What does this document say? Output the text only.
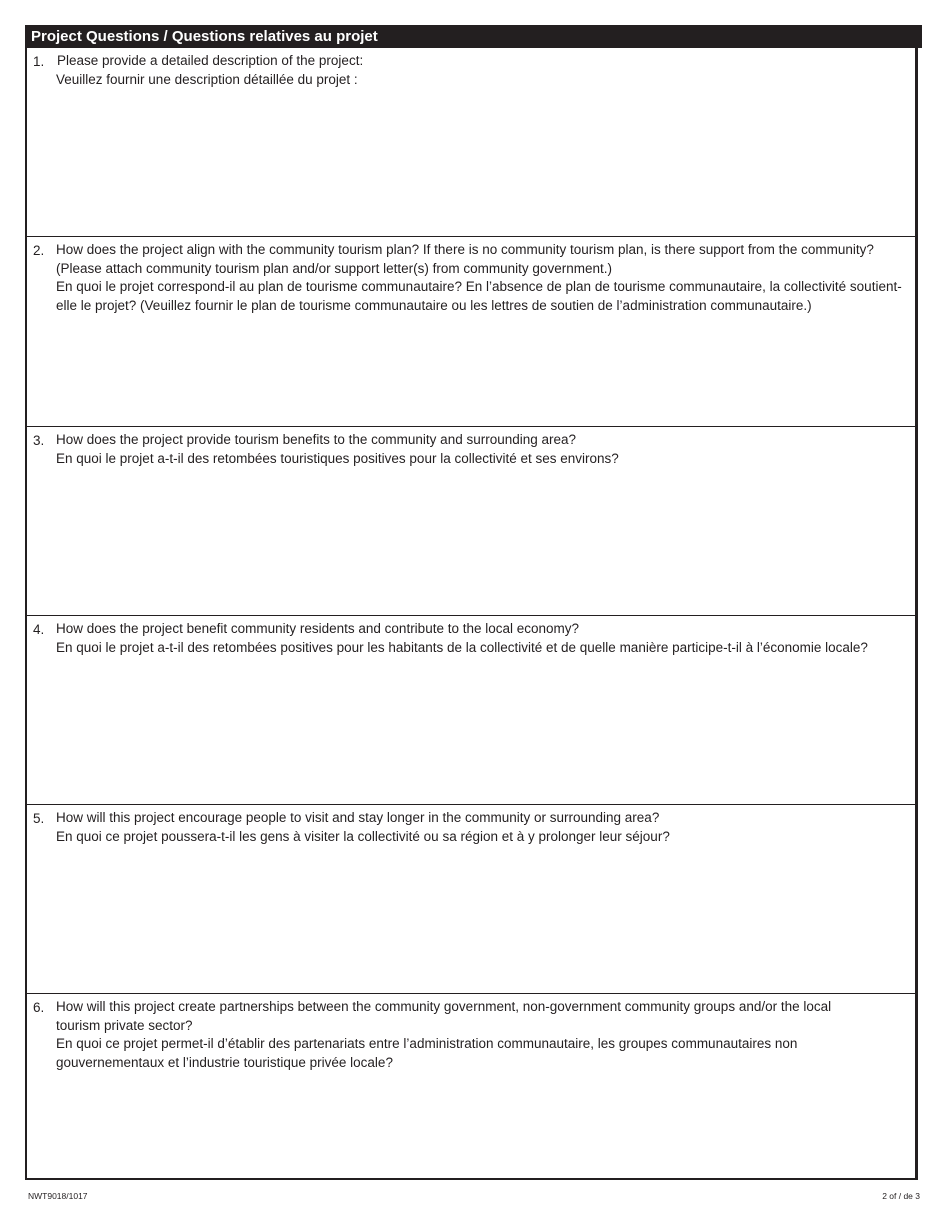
Project Questions / Questions relatives au projet
1. Please provide a detailed description of the project:

Veuillez fournir une description détaillée du projet :

2. How does the project align with the community tourism plan? If there is no community tourism plan, is there support from the community? (Please attach community tourism plan and/or support letter(s) from community government.)

En quoi le projet correspond-il au plan de tourisme communautaire? En l’absence de plan de tourisme communautaire, la collectivité soutient-elle le projet? (Veuillez fournir le plan de tourisme communautaire ou les lettres de soutien de l’administration communautaire.)

3. How does the project provide tourism benefits to the community and surrounding area?

En quoi le projet a-t-il des retombées touristiques positives pour la collectivité et ses environs?

4. How does the project benefit community residents and contribute to the local economy?

En quoi le projet a-t-il des retombées positives pour les habitants de la collectivité et de quelle manière participe-t-il à l’économie locale?

5. How will this project encourage people to visit and stay longer in the community or surrounding area?

En quoi ce projet poussera-t-il les gens à visiter la collectivité ou sa région et à y prolonger leur séjour?

6. How will this project create partnerships between the community government, non-government community groups and/or the local tourism private sector?

En quoi ce projet permet-il d’établir des partenariats entre l’administration communautaire, les groupes communautaires non gouvernementaux et l’industrie touristique privée locale?

NWT9018/1017	2 of / de 3
